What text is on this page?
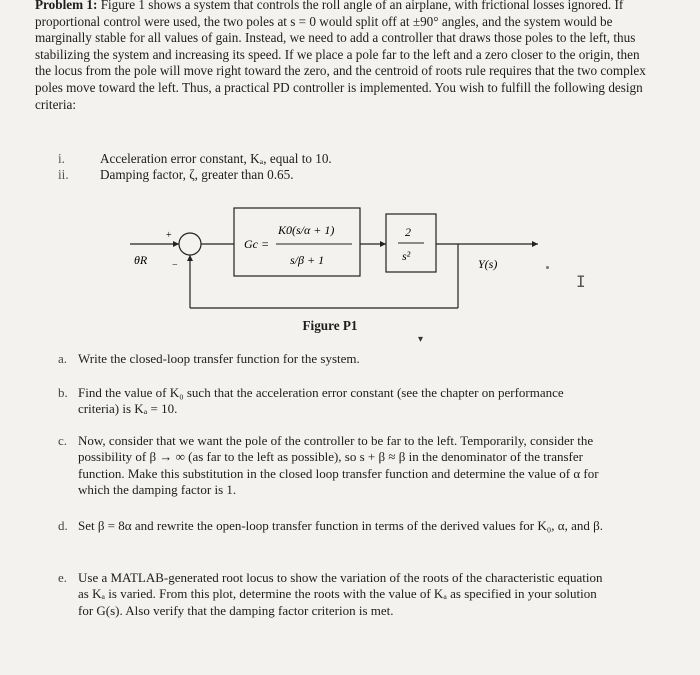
Problem 1: Figure 1 shows a system that controls the roll angle of an airplane, with frictional losses ignored. If proportional control were used, the two poles at s = 0 would split off at ±90° angles, and the system would be marginally stable for all values of gain. Instead, we need to add a controller that draws those poles to the left, thus stabilizing the system and increasing its speed. If we place a pole far to the left and a zero closer to the origin, then the locus from the pole will move right toward the zero, and the centroid of roots rule requires that the two complex poles move toward the left. Thus, a practical PD controller is implemented. You wish to fulfill the following design criteria:
i.	Acceleration error constant, Kₐ, equal to 10.
ii. Damping factor, ζ, greater than 0.65.
θR
+
−
Gc =
K0(s/α + 1)
s/β + 1
2
s²
Y(s)
Figure P1
▾
a. Write the closed-loop transfer function for the system.
b. Find the value of K₀ such that the acceleration error constant (see the chapter on performance criteria) is Kₐ = 10.
c. Now, consider that we want the pole of the controller to be far to the left. Temporarily, consider the possibility of β → ∞ (as far to the left as possible), so s + β ≈ β in the denominator of the transfer function. Make this substitution in the closed loop transfer function and determine the value of α for which the damping factor is 1.
d. Set β = 8α and rewrite the open-loop transfer function in terms of the derived values for K₀, α, and β.
e. Use a MATLAB-generated root locus to show the variation of the roots of the characteristic equation as Kₐ is varied. From this plot, determine the roots with the value of Kₐ as specified in your solution for G(s). Also verify that the damping factor criterion is met.
I
